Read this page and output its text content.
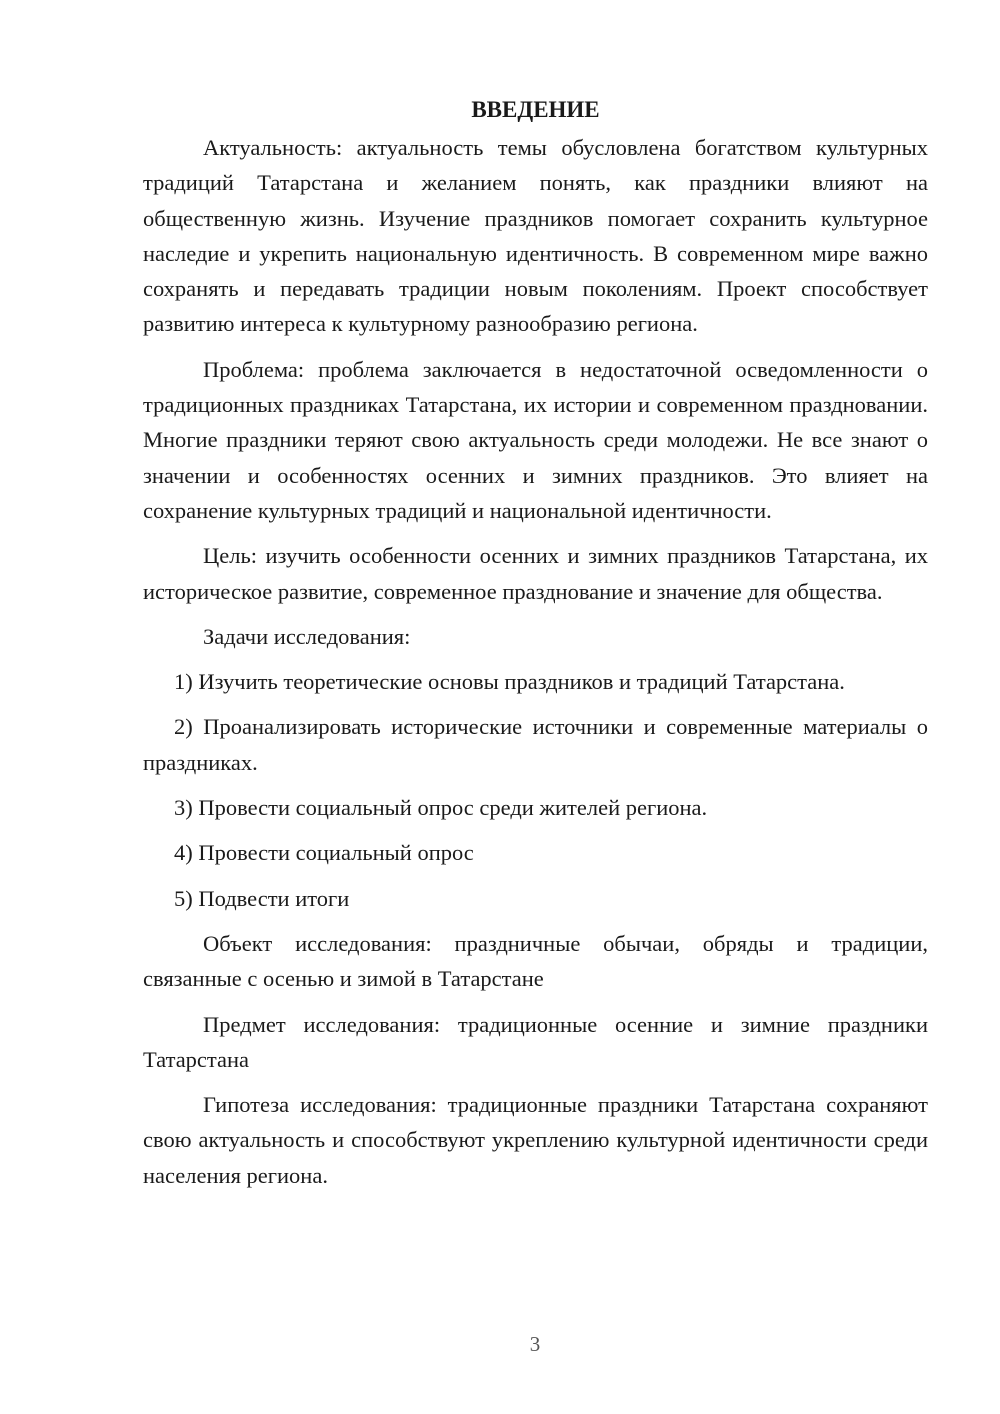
ВВЕДЕНИЕ

Актуальность: актуальность темы обусловлена богатством культурных традиций Татарстана и желанием понять, как праздники влияют на общественную жизнь. Изучение праздников помогает сохранить культурное наследие и укрепить национальную идентичность. В современном мире важно сохранять и передавать традиции новым поколениям. Проект способствует развитию интереса к культурному разнообразию региона.

Проблема: проблема заключается в недостаточной осведомленности о традиционных праздниках Татарстана, их истории и современном праздновании. Многие праздники теряют свою актуальность среди молодежи. Не все знают о значении и особенностях осенних и зимних праздников. Это влияет на сохранение культурных традиций и национальной идентичности.

Цель: изучить особенности осенних и зимних праздников Татарстана, их историческое развитие, современное празднование и значение для общества.

Задачи исследования:

1) Изучить теоретические основы праздников и традиций Татарстана.

2) Проанализировать исторические источники и современные материалы о праздниках.

3) Провести социальный опрос среди жителей региона.

4) Провести социальный опрос

5) Подвести итоги

Объект исследования: праздничные обычаи, обряды и традиции, связанные с осенью и зимой в Татарстане

Предмет исследования: традиционные осенние и зимние праздники Татарстана

Гипотеза исследования: традиционные праздники Татарстана сохраняют свою актуальность и способствуют укреплению культурной идентичности среди населения региона.

3
